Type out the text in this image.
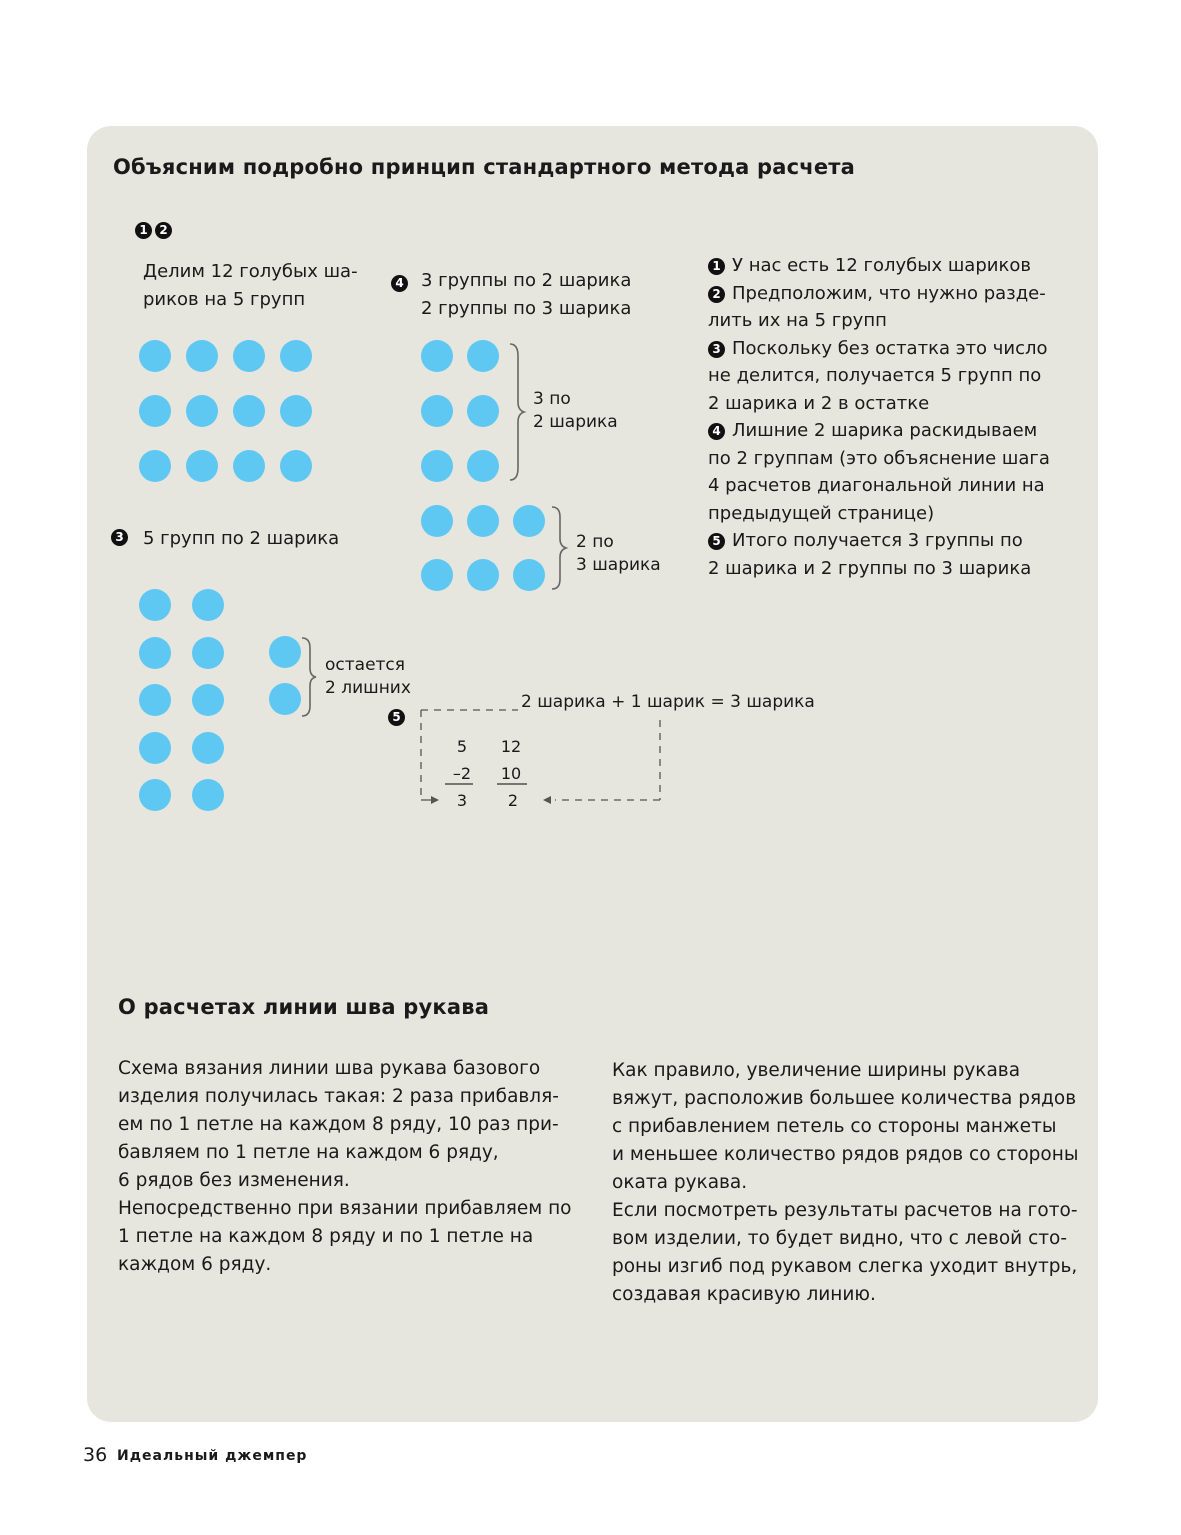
Объясним подробно принцип стандартного метода расчета
1 2
Делим 12 голубых ша-
риков на 5 групп
3 5 групп по 2 шарика
остается
2 лишних
4 3 группы по 2 шарика
2 группы по 3 шарика
3 по
2 шарика
2 по
3 шарика
5
2 шарика + 1 шарик = 3 шарика
5	12
–2	10
3	2
1 У нас есть 12 голубых шариков
2 Предположим, что нужно разде-
лить их на 5 групп
3 Поскольку без остатка это число
не делится, получается 5 групп по
2 шарика и 2 в остатке
4 Лишние 2 шарика раскидываем
по 2 группам (это объяснение шага
4 расчетов диагональной линии на
предыдущей странице)
5 Итого получается 3 группы по
2 шарика и 2 группы по 3 шарика
О расчетах линии шва рукава
Схема вязания линии шва рукава базового
изделия получилась такая: 2 раза прибавля-
ем по 1 петле на каждом 8 ряду, 10 раз при-
бавляем по 1 петле на каждом 6 ряду,
6 рядов без изменения.
Непосредственно при вязании прибавляем по
1 петле на каждом 8 ряду и по 1 петле на
каждом 6 ряду.
Как правило, увеличение ширины рукава
вяжут, расположив большее количества рядов
с прибавлением петель со стороны манжеты
и меньшее количество рядов рядов со стороны
оката рукава.
Если посмотреть результаты расчетов на гото-
вом изделии, то будет видно, что с левой сто-
роны изгиб под рукавом слегка уходит внутрь,
создавая красивую линию.
36 Идеальный джемпер
